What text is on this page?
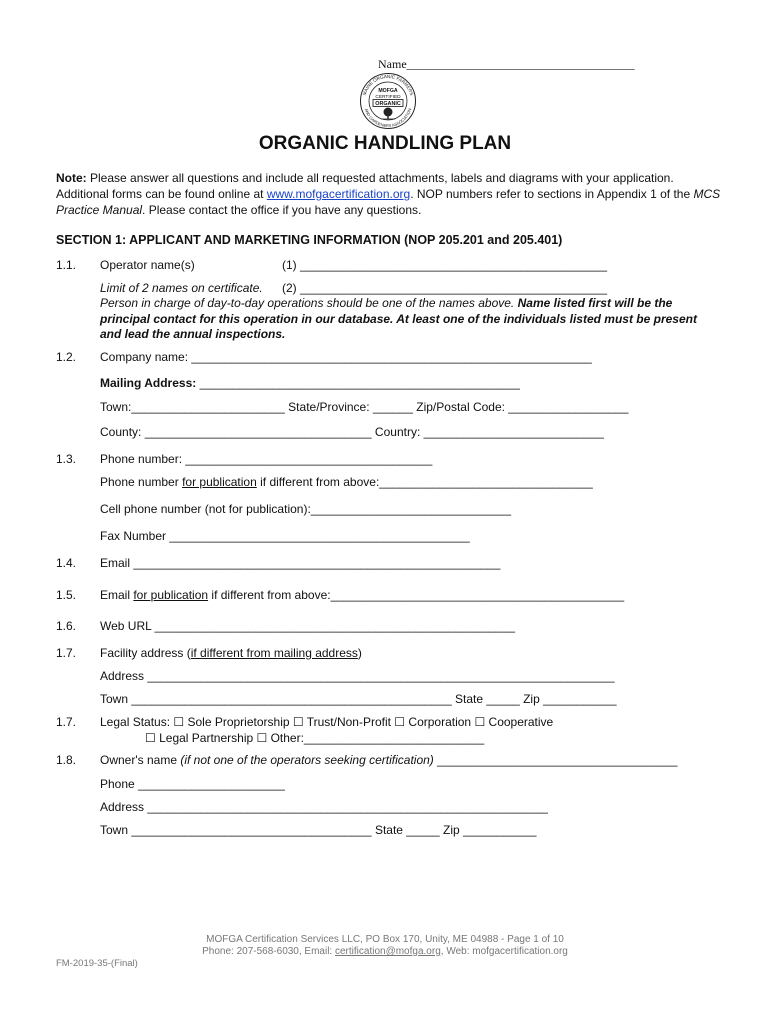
Name______________________________________
MAINE ORGANIC FARMERS
AND GARDENERS ASSOCIATION
MOFGA
CERTIFIED
ORGANIC
ORGANIC HANDLING PLAN
Note: Please answer all questions and include all requested attachments, labels and diagrams with your application. Additional forms can be found online at www.mofgacertification.org. NOP numbers refer to sections in Appendix 1 of the MCS Practice Manual. Please contact the office if you have any questions.
SECTION 1: APPLICANT AND MARKETING INFORMATION (NOP 205.201 and 205.401)
1.1. Operator name(s)	(1) ______________________________________________
Limit of 2 names on certificate. (2) ______________________________________________
Person in charge of day-to-day operations should be one of the names above. Name listed first will be the principal contact for this operation in our database. At least one of the individuals listed must be present and lead the annual inspections.
1.2. Company name: ____________________________________________________________
Mailing Address: ________________________________________________
Town:_______________________ State/Province: ______ Zip/Postal Code: __________________
County: __________________________________ Country: ___________________________
1.3. Phone number: _____________________________________
Phone number for publication if different from above:________________________________
Cell phone number (not for publication):______________________________
Fax Number _____________________________________________
1.4. Email _______________________________________________________
1.5. Email for publication if different from above:____________________________________________
1.6. Web URL ______________________________________________________
1.7. Facility address (if different from mailing address)
Address ______________________________________________________________________
Town ________________________________________________ State _____ Zip ___________
1.7. Legal Status: ☐ Sole Proprietorship ☐ Trust/Non-Profit ☐ Corporation ☐ Cooperative
☐ Legal Partnership ☐ Other:___________________________
1.8. Owner's name (if not one of the operators seeking certification) ____________________________________
Phone ______________________
Address ____________________________________________________________
Town ____________________________________ State _____ Zip ___________
MOFGA Certification Services LLC, PO Box 170, Unity, ME 04988 - Page 1 of 10
Phone: 207-568-6030, Email: certification@mofga.org, Web: mofgacertification.org
FM-2019-35-(Final)
